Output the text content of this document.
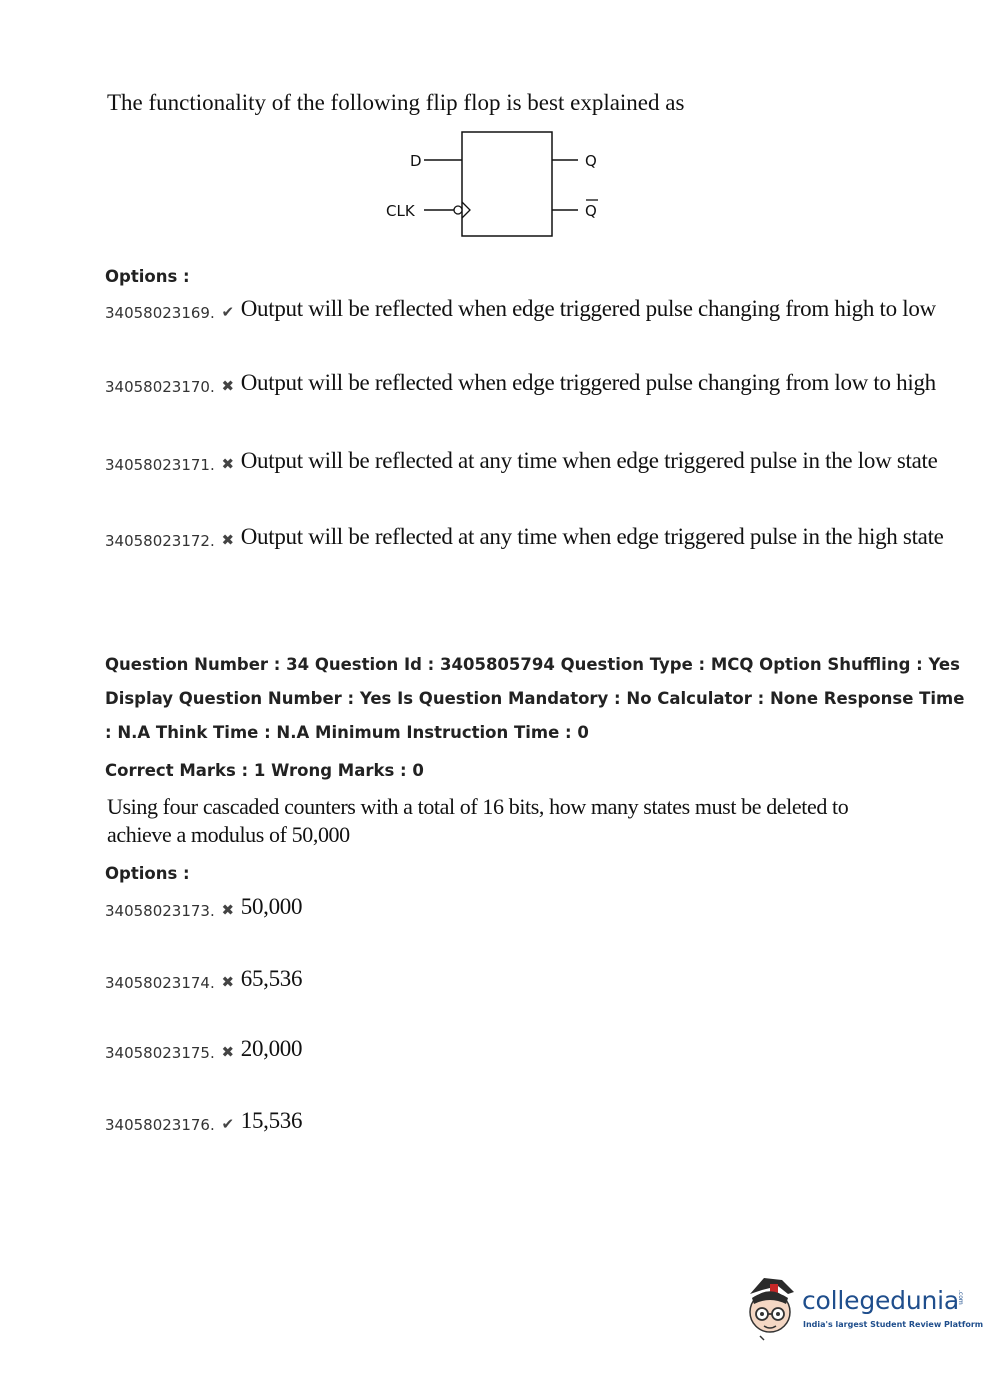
The functionality of the following flip flop is best explained as
D
CLK
Q
Q
Options :
34058023169. ✔ Output will be reflected when edge triggered pulse changing from high to low
34058023170. ✖ Output will be reflected when edge triggered pulse changing from low to high
34058023171. ✖ Output will be reflected at any time when edge triggered pulse in the low state
34058023172. ✖ Output will be reflected at any time when edge triggered pulse in the high state
Question Number : 34 Question Id : 3405805794 Question Type : MCQ Option Shuffling : Yes
Display Question Number : Yes Is Question Mandatory : No Calculator : None Response Time
: N.A Think Time : N.A Minimum Instruction Time : 0
Correct Marks : 1 Wrong Marks : 0
Using four cascaded counters with a total of 16 bits, how many states must be deleted to
achieve a modulus of 50,000
Options :
34058023173. ✖ 50,000
34058023174. ✖ 65,536
34058023175. ✖ 20,000
34058023176. ✔ 15,536
collegedunia
.com
India's largest Student Review Platform
